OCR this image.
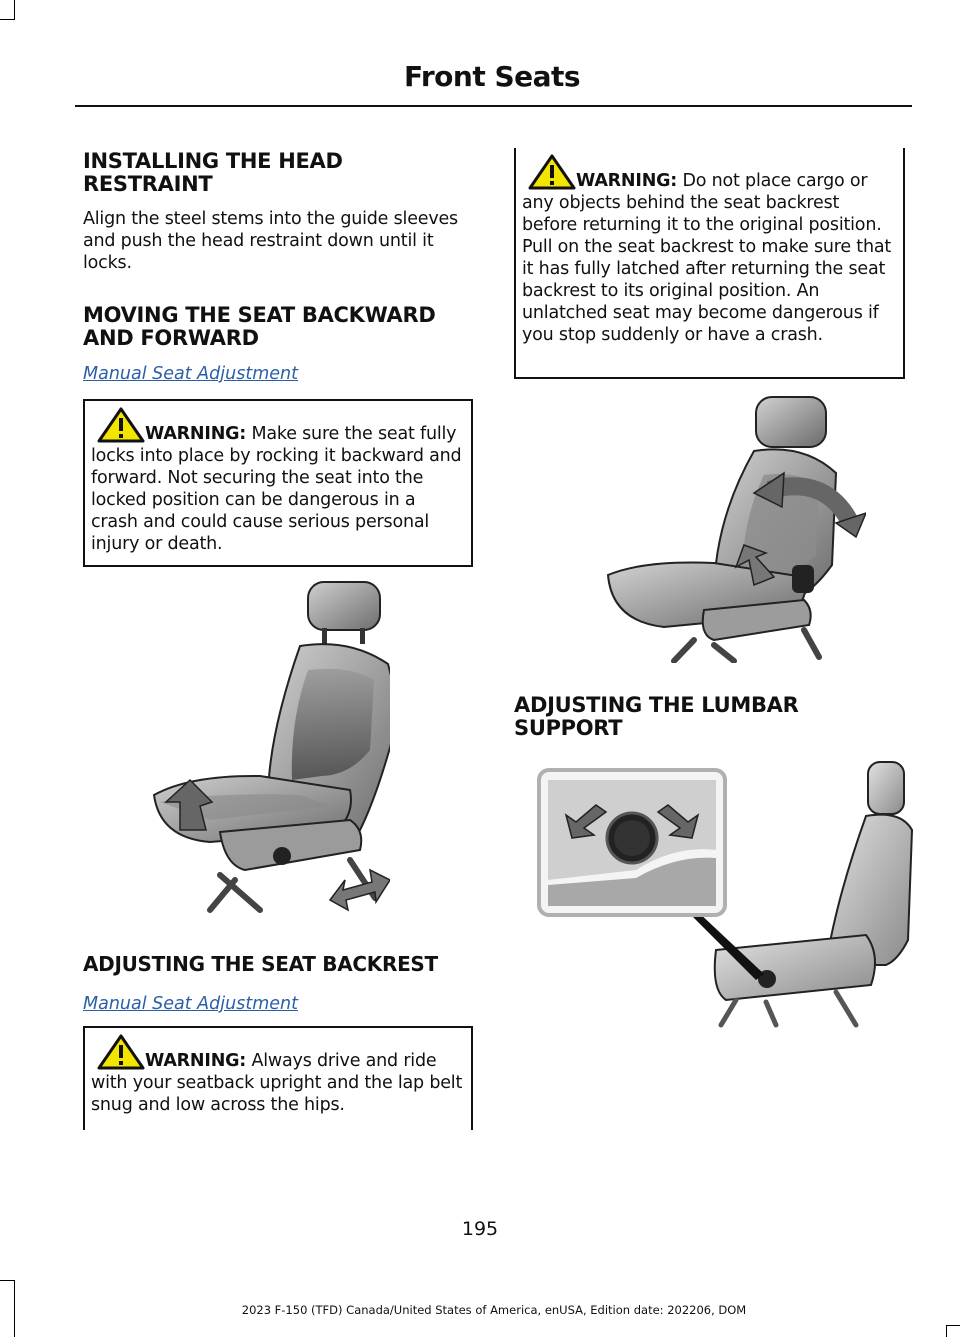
Front Seats
INSTALLING THE HEAD RESTRAINT

Align the steel stems into the guide sleeves and push the head restraint down until it locks.

MOVING THE SEAT BACKWARD AND FORWARD
Manual Seat Adjustment
WARNING: Make sure the seat fully locks into place by rocking it backward and forward. Not securing the seat into the locked position can be dangerous in a crash and could cause serious personal injury or death.
ADJUSTING THE SEAT BACKREST
Manual Seat Adjustment
WARNING: Always drive and ride with your seatback upright and the lap belt snug and low across the hips.
WARNING: Do not place cargo or any objects behind the seat backrest before returning it to the original position. Pull on the seat backrest to make sure that it has fully latched after returning the seat backrest to its original position. An unlatched seat may become dangerous if you stop suddenly or have a crash.
ADJUSTING THE LUMBAR SUPPORT
195
2023 F-150 (TFD) Canada/United States of America, enUSA, Edition date: 202206, DOM
